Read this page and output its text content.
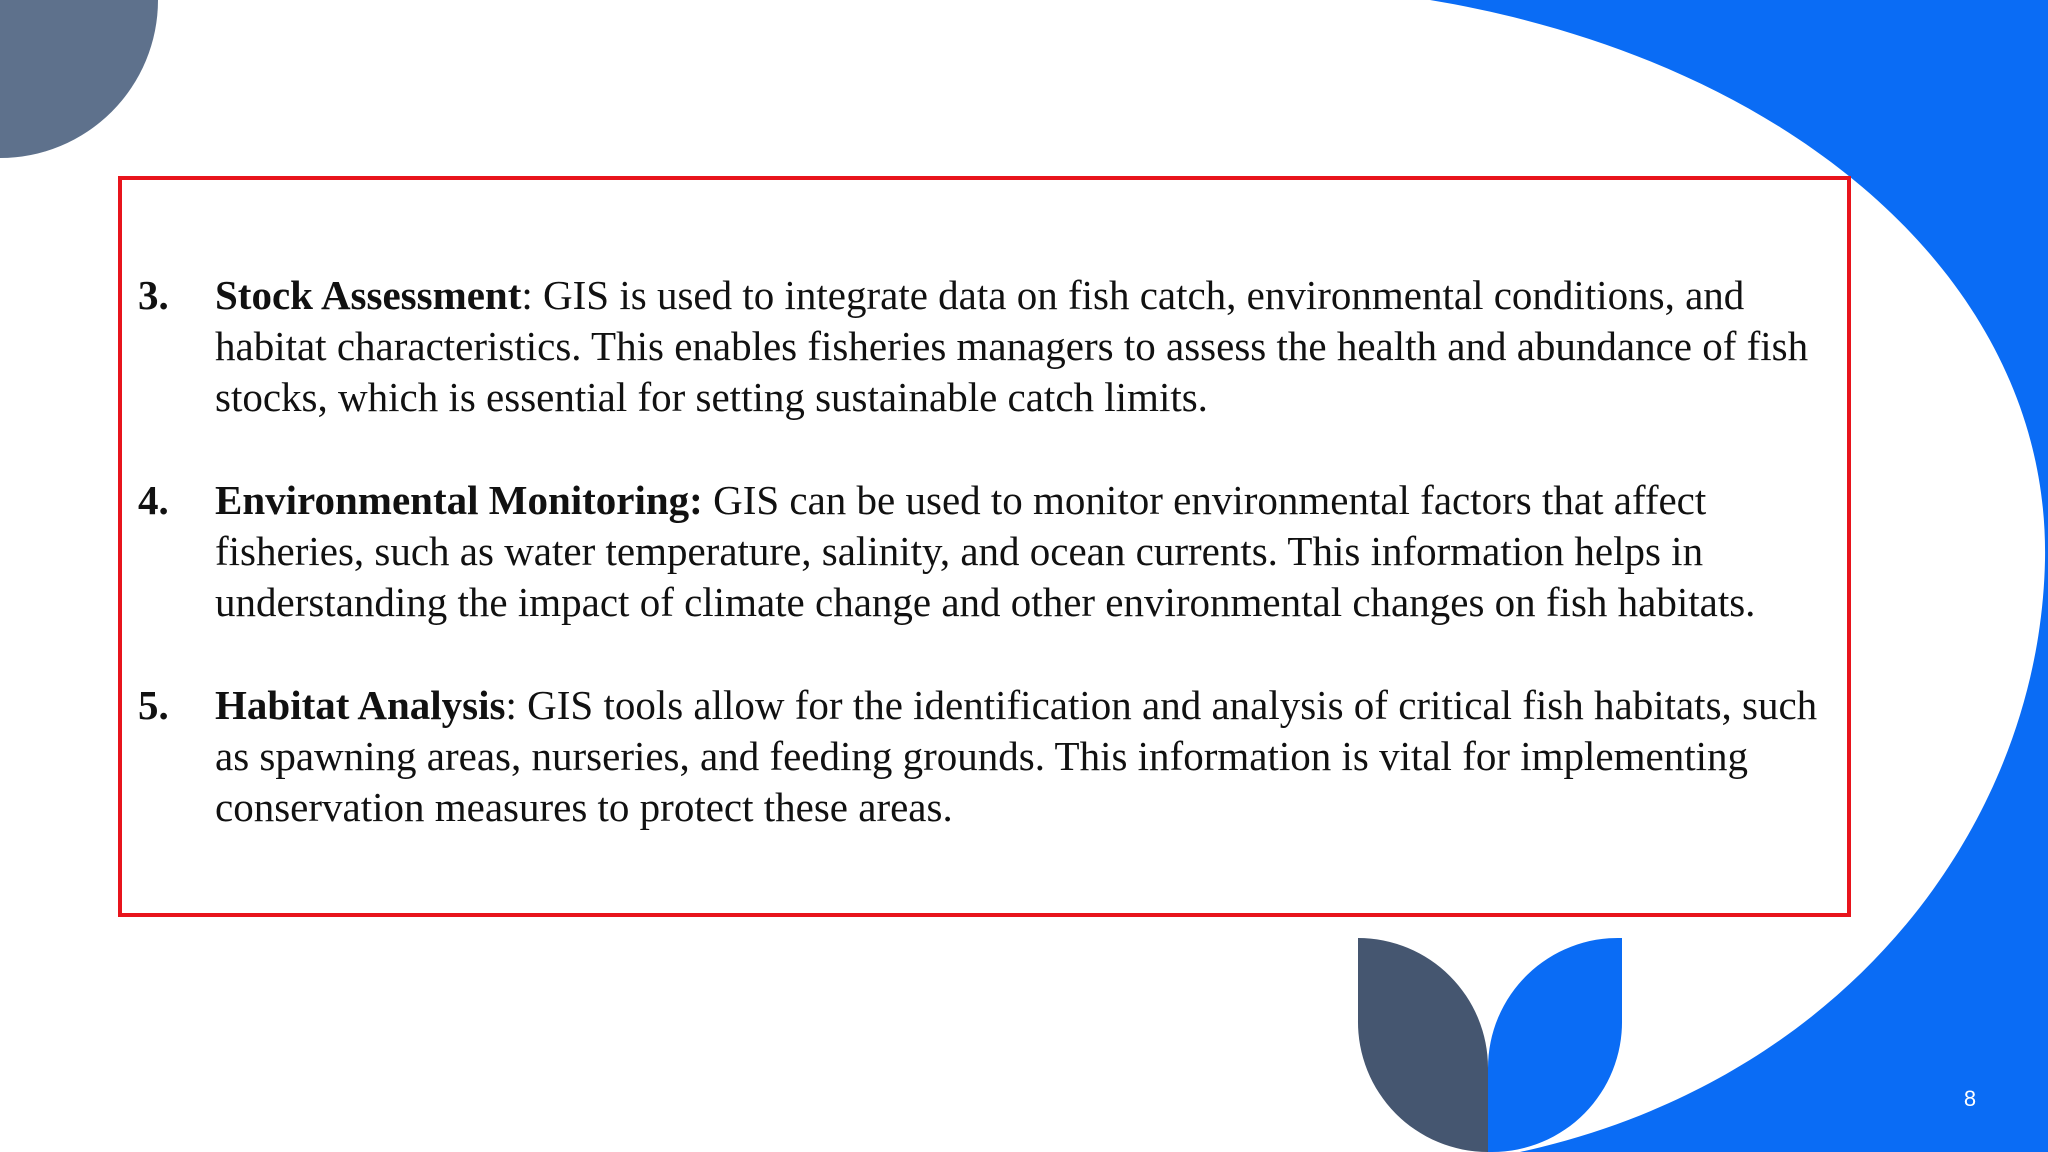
3. Stock Assessment: GIS is used to integrate data on fish catch, environmental conditions, and habitat characteristics. This enables fisheries managers to assess the health and abundance of fish stocks, which is essential for setting sustainable catch limits.
4. Environmental Monitoring: GIS can be used to monitor environmental factors that affect fisheries, such as water temperature, salinity, and ocean currents. This information helps in understanding the impact of climate change and other environmental changes on fish habitats.
5. Habitat Analysis: GIS tools allow for the identification and analysis of critical fish habitats, such as spawning areas, nurseries, and feeding grounds. This information is vital for implementing conservation measures to protect these areas.
8
